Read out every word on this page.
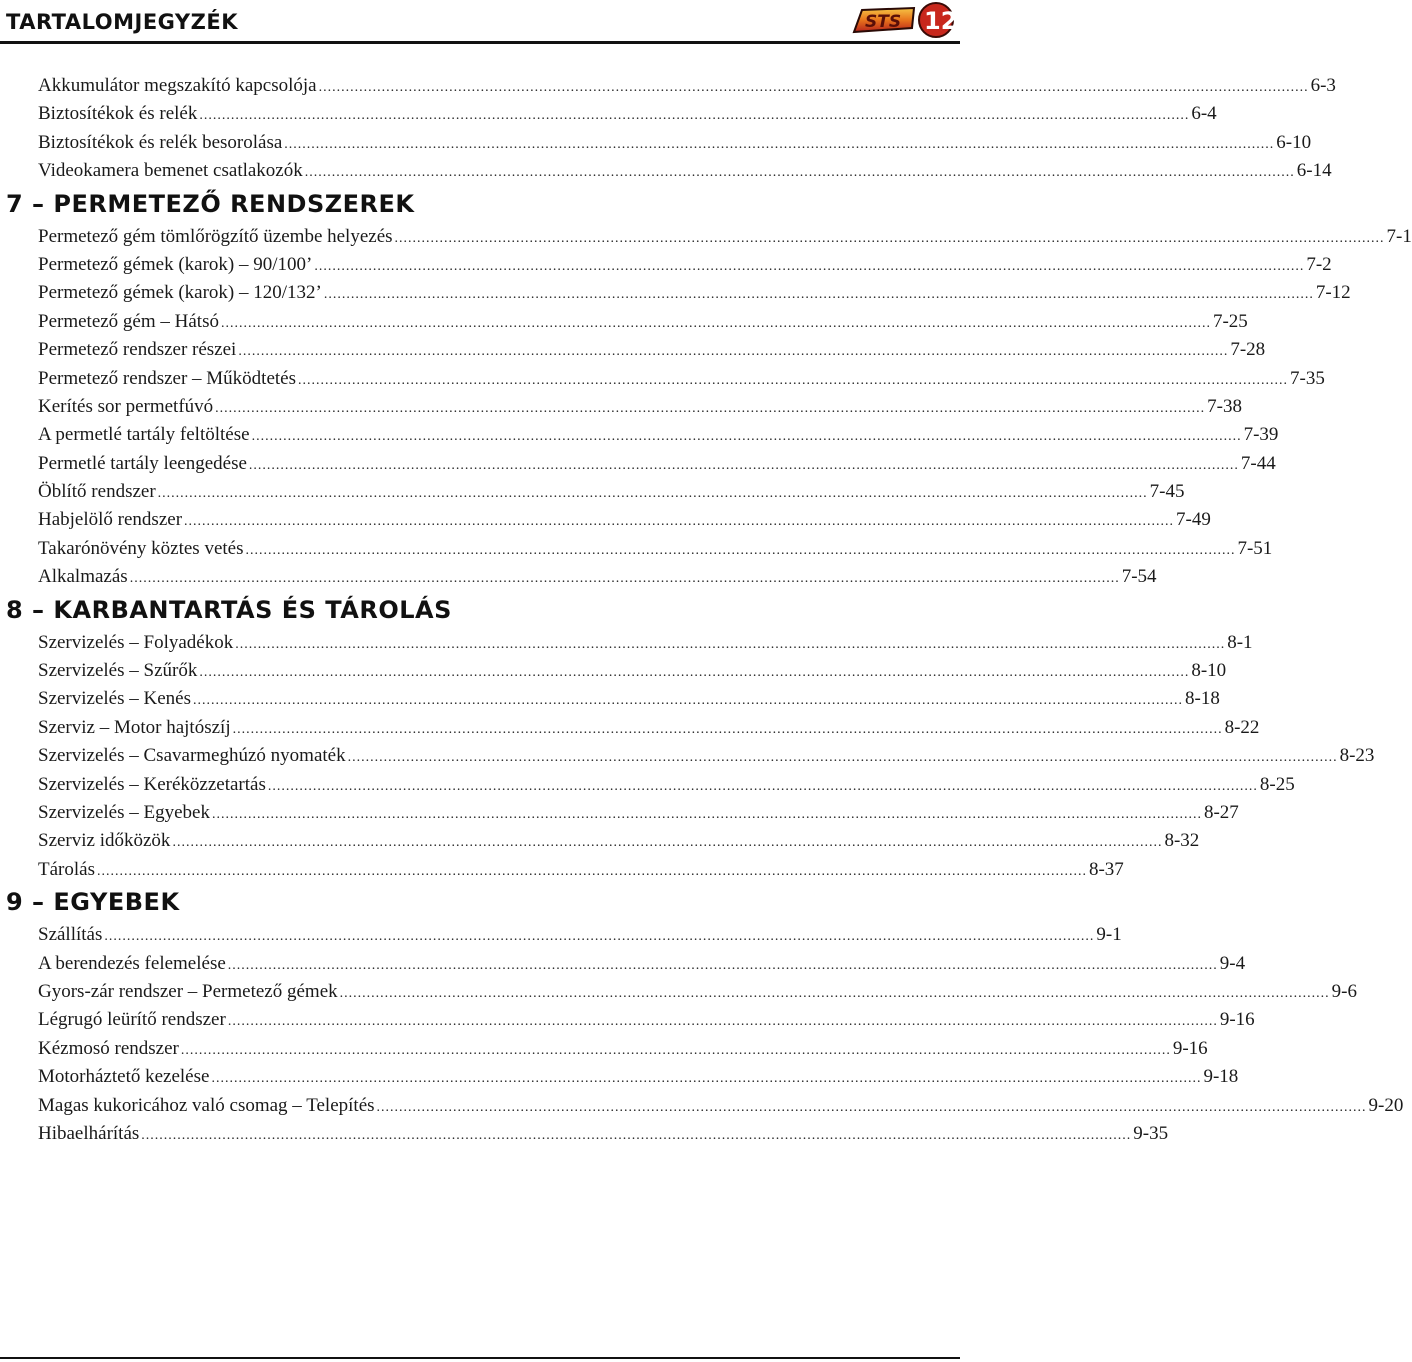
TARTALOMJEGYZÉK	STS 12
Akkumulátor megszakító kapcsolója ............................................................................................................................................................................................................................ 6-3
Biztosítékok és relék ............................................................................................................................................................................................................................ 6-4
Biztosítékok és relék besorolása ............................................................................................................................................................................................................................ 6-10
Videokamera bemenet csatlakozók ............................................................................................................................................................................................................................ 6-14
7 – PERMETEZŐ RENDSZEREK
Permetező gém tömlőrögzítő üzembe helyezés ............................................................................................................................................................................................................................ 7-1
Permetező gémek (karok) – 90/100’ ............................................................................................................................................................................................................................ 7-2
Permetező gémek (karok) – 120/132’ ............................................................................................................................................................................................................................ 7-12
Permetező gém – Hátsó ............................................................................................................................................................................................................................ 7-25
Permetező rendszer részei ............................................................................................................................................................................................................................ 7-28
Permetező rendszer – Működtetés ............................................................................................................................................................................................................................ 7-35
Kerítés sor permetfúvó ............................................................................................................................................................................................................................ 7-38
A permetlé tartály feltöltése ............................................................................................................................................................................................................................ 7-39
Permetlé tartály leengedése ............................................................................................................................................................................................................................ 7-44
Öblítő rendszer ............................................................................................................................................................................................................................ 7-45
Habjelölő rendszer ............................................................................................................................................................................................................................ 7-49
Takarónövény köztes vetés ............................................................................................................................................................................................................................ 7-51
Alkalmazás ............................................................................................................................................................................................................................ 7-54
8 – KARBANTARTÁS ÉS TÁROLÁS
Szervizelés – Folyadékok ............................................................................................................................................................................................................................ 8-1
Szervizelés – Szűrők ............................................................................................................................................................................................................................ 8-10
Szervizelés – Kenés ............................................................................................................................................................................................................................ 8-18
Szerviz – Motor hajtószíj ............................................................................................................................................................................................................................ 8-22
Szervizelés – Csavarmeghúzó nyomaték ............................................................................................................................................................................................................................ 8-23
Szervizelés – Keréközzetartás ............................................................................................................................................................................................................................ 8-25
Szervizelés – Egyebek ............................................................................................................................................................................................................................ 8-27
Szerviz időközök ............................................................................................................................................................................................................................ 8-32
Tárolás ............................................................................................................................................................................................................................ 8-37
9 – EGYEBEK
Szállítás ............................................................................................................................................................................................................................ 9-1
A berendezés felemelése ............................................................................................................................................................................................................................ 9-4
Gyors-zár rendszer – Permetező gémek ............................................................................................................................................................................................................................ 9-6
Légrugó leürítő rendszer ............................................................................................................................................................................................................................ 9-16
Kézmosó rendszer ............................................................................................................................................................................................................................ 9-16
Motorháztető kezelése ............................................................................................................................................................................................................................ 9-18
Magas kukoricához való csomag – Telepítés ............................................................................................................................................................................................................................ 9-20
Hibaelhárítás ............................................................................................................................................................................................................................ 9-35
